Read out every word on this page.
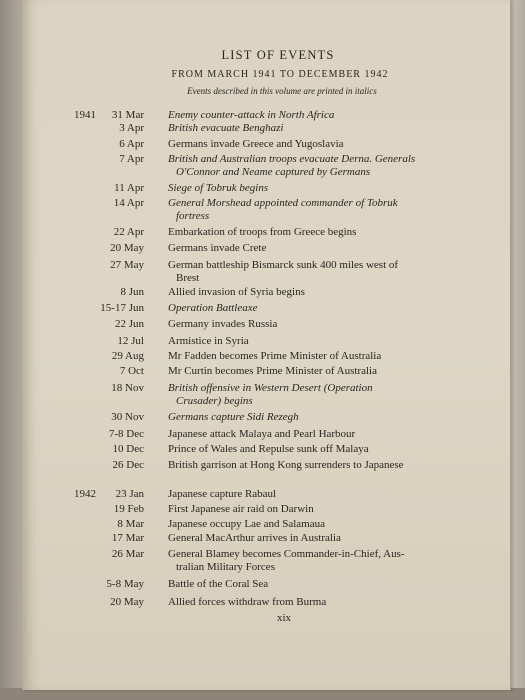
LIST OF EVENTS
FROM MARCH 1941 TO DECEMBER 1942
Events described in this volume are printed in italics
1941	31 Mar Enemy counter-attack in North Africa
3 Apr British evacuate Benghazi
6 Apr Germans invade Greece and Yugoslavia
7 Apr British and Australian troops evacuate Derna. Generals
O'Connor and Neame captured by Germans
11 Apr Siege of Tobruk begins
14 Apr General Morshead appointed commander of Tobruk
fortress
22 Apr Embarkation of troops from Greece begins
20 May Germans invade Crete
27 May German battleship Bismarck sunk 400 miles west of
Brest
8 Jun Allied invasion of Syria begins
15-17 Jun Operation Battleaxe
22 Jun Germany invades Russia
12 Jul Armistice in Syria
29 Aug Mr Fadden becomes Prime Minister of Australia
7 Oct Mr Curtin becomes Prime Minister of Australia
18 Nov British offensive in Western Desert (Operation
Crusader) begins
30 Nov Germans capture Sidi Rezegh
7-8 Dec Japanese attack Malaya and Pearl Harbour
10 Dec Prince of Wales and Repulse sunk off Malaya
26 Dec British garrison at Hong Kong surrenders to Japanese
1942	23 Jan Japanese capture Rabaul
19 Feb First Japanese air raid on Darwin
8 Mar Japanese occupy Lae and Salamaua
17 Mar General MacArthur arrives in Australia
26 Mar General Blamey becomes Commander-in-Chief, Aus-
tralian Military Forces
5-8 May Battle of the Coral Sea
20 May Allied forces withdraw from Burma
xix
